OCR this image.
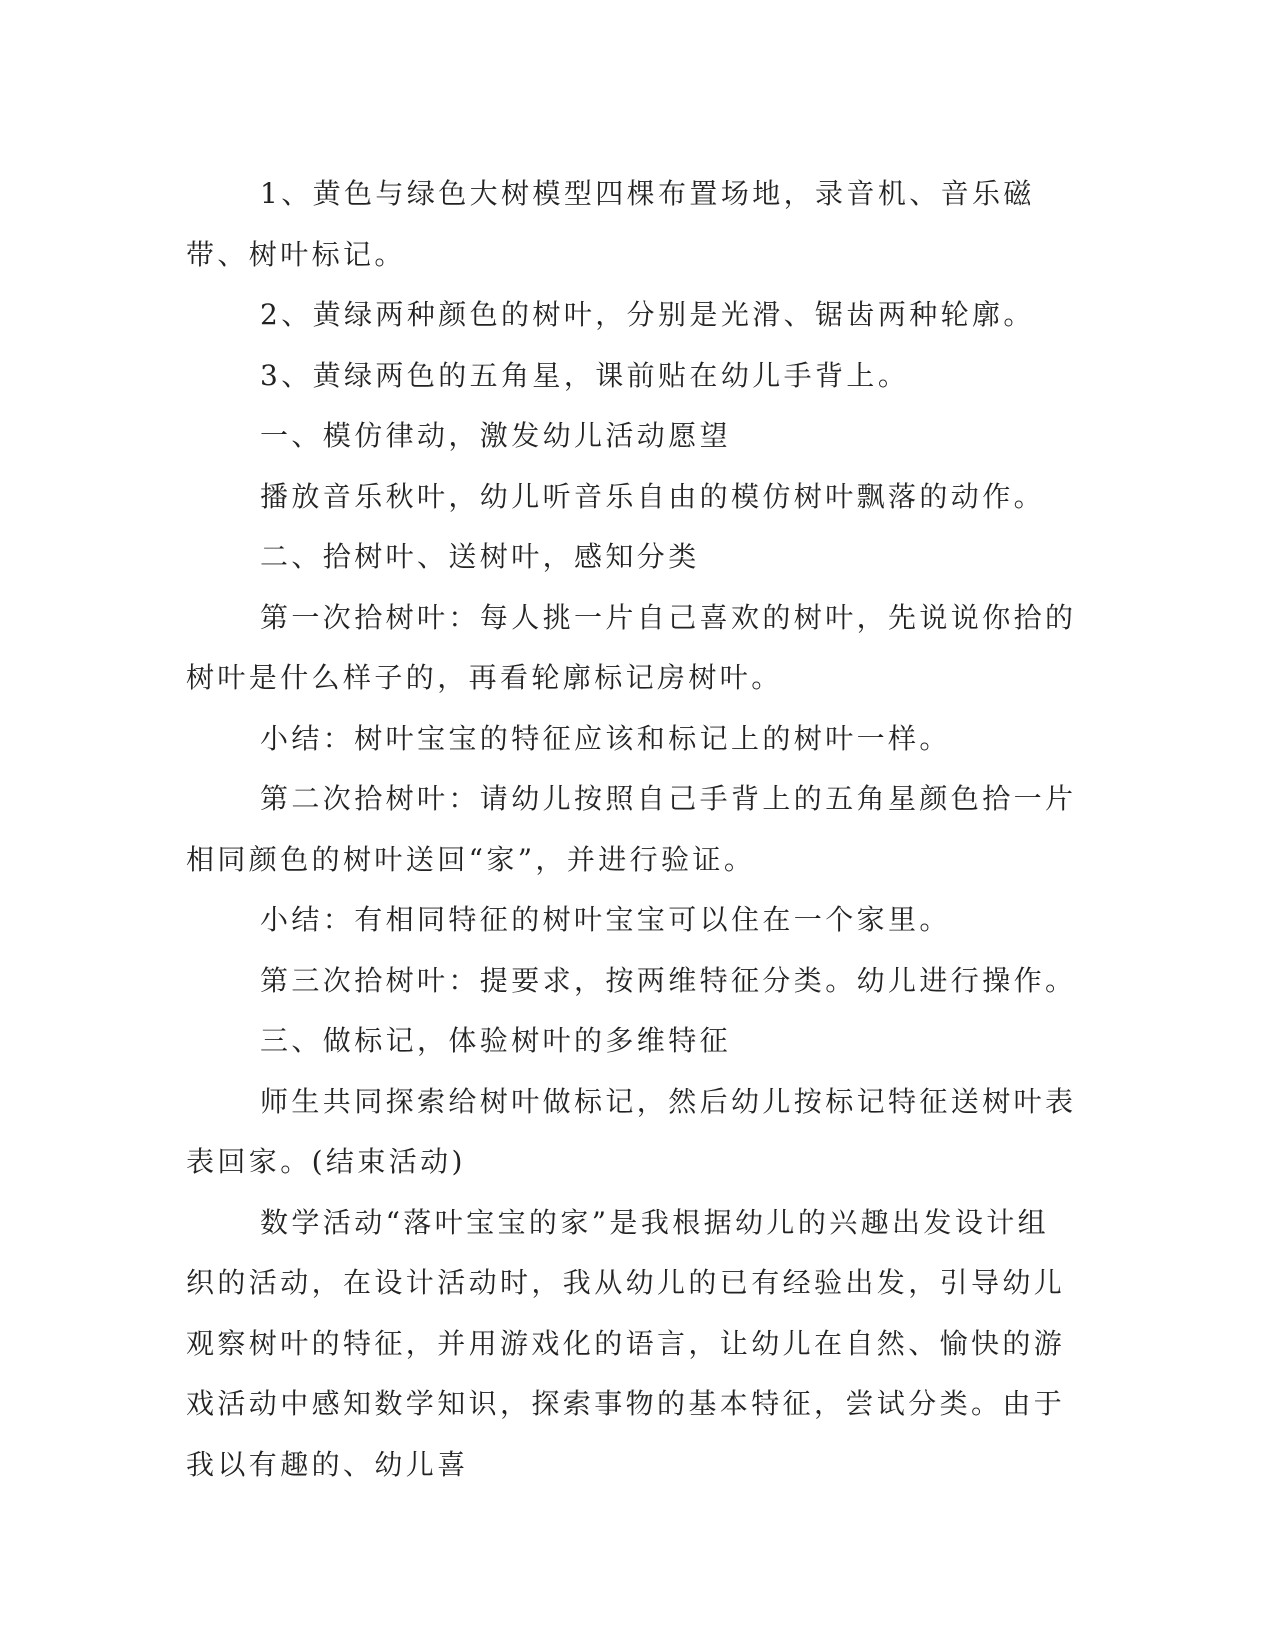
1、黄色与绿色大树模型四棵布置场地，录音机、音乐磁带、树叶标记。

2、黄绿两种颜色的树叶，分别是光滑、锯齿两种轮廓。

3、黄绿两色的五角星，课前贴在幼儿手背上。

一、模仿律动，激发幼儿活动愿望

播放音乐秋叶，幼儿听音乐自由的模仿树叶飘落的动作。

二、拾树叶、送树叶，感知分类

第一次拾树叶：每人挑一片自己喜欢的树叶，先说说你拾的树叶是什么样子的，再看轮廓标记房树叶。

小结：树叶宝宝的特征应该和标记上的树叶一样。

第二次拾树叶：请幼儿按照自己手背上的五角星颜色拾一片相同颜色的树叶送回“家”，并进行验证。

小结：有相同特征的树叶宝宝可以住在一个家里。

第三次拾树叶：提要求，按两维特征分类。幼儿进行操作。

三、做标记，体验树叶的多维特征

师生共同探索给树叶做标记，然后幼儿按标记特征送树叶表表回家。(结束活动)

数学活动“落叶宝宝的家”是我根据幼儿的兴趣出发设计组织的活动，在设计活动时，我从幼儿的已有经验出发，引导幼儿观察树叶的特征，并用游戏化的语言，让幼儿在自然、愉快的游戏活动中感知数学知识，探索事物的基本特征，尝试分类。由于我以有趣的、幼儿喜
